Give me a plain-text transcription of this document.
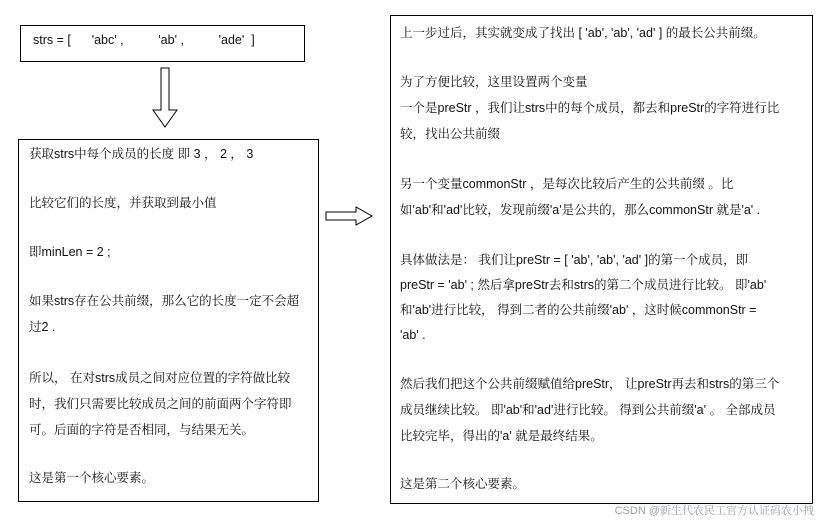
strs = [      'abc' ,          'ab' ,          'ade'  ]
获取strs中每个成员的长度 即 3 ， 2 ， 3
比较它们的长度，并获取到最小值
即minLen = 2 ;
如果strs存在公共前缀，那么它的长度一定不会超
过2 .
所以， 在对strs成员之间对应位置的字符做比较
时，我们只需要比较成员之间的前面两个字符即
可。后面的字符是否相同，与结果无关。
这是第一个核心要素。
上一步过后，其实就变成了找出 [ 'ab', 'ab', 'ad' ] 的最长公共前缀。
为了方便比较，这里设置两个变量
一个是preStr ，我们让strs中的每个成员，都去和preStr的字符进行比
较，找出公共前缀
另一个变量commonStr ，是每次比较后产生的公共前缀 。比
如'ab'和'ad'比较，发现前缀'a'是公共的，那么commonStr 就是'a' .
具体做法是： 我们让preStr = [ 'ab', 'ab', 'ad' ]的第一个成员，即
preStr = 'ab' ; 然后拿preStr去和strs的第二个成员进行比较。 即'ab'
和'ab'进行比较， 得到二者的公共前缀'ab' ，这时候commonStr =
'ab' .
然后我们把这个公共前缀赋值给preStr， 让preStr再去和strs的第三个
成员继续比较。 即'ab'和'ad'进行比较。 得到公共前缀'a' 。 全部成员
比较完毕，得出的'a' 就是最终结果。
这是第二个核心要素。
CSDN @新生代农民工官方认证码农小拽
